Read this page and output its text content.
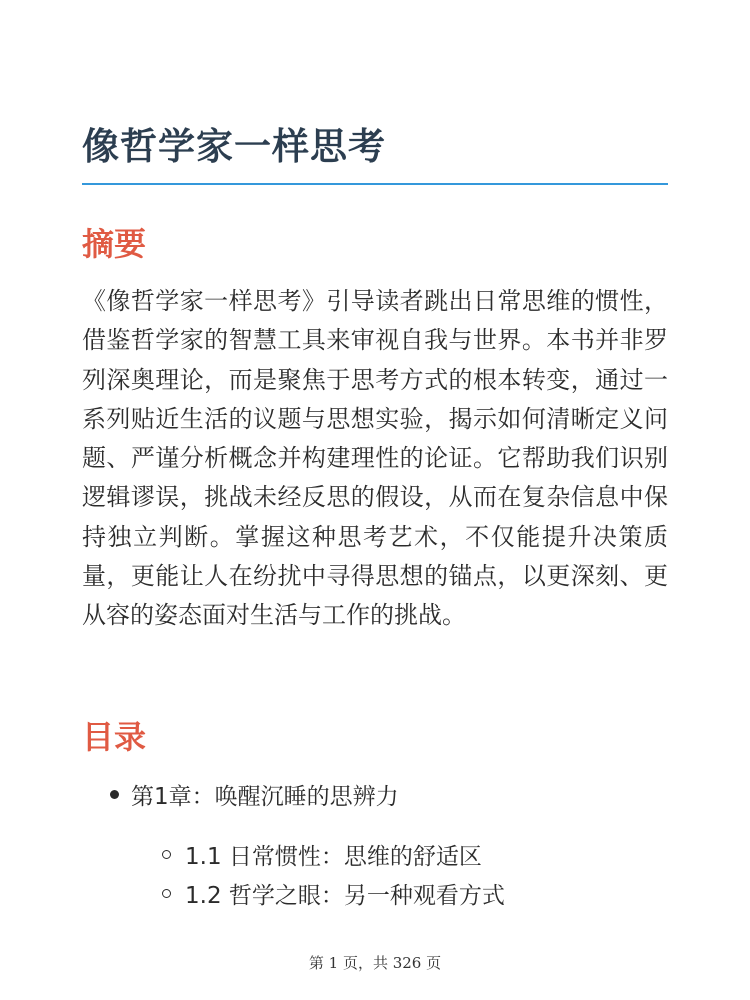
像哲学家一样思考
摘要

《像哲学家一样思考》引导读者跳出日常思维的惯性，借鉴哲学家的智慧工具来审视自我与世界。本书并非罗列深奥理论，而是聚焦于思考方式的根本转变，通过一系列贴近生活的议题与思想实验，揭示如何清晰定义问题、严谨分析概念并构建理性的论证。它帮助我们识别逻辑谬误，挑战未经反思的假设，从而在复杂信息中保持独立判断。掌握这种思考艺术，不仅能提升决策质量，更能让人在纷扰中寻得思想的锚点，以更深刻、更从容的姿态面对生活与工作的挑战。

目录
第1章：唤醒沉睡的思辨力
1.1 日常惯性：思维的舒适区
1.2 哲学之眼：另一种观看方式
第 1 页，共 326 页
